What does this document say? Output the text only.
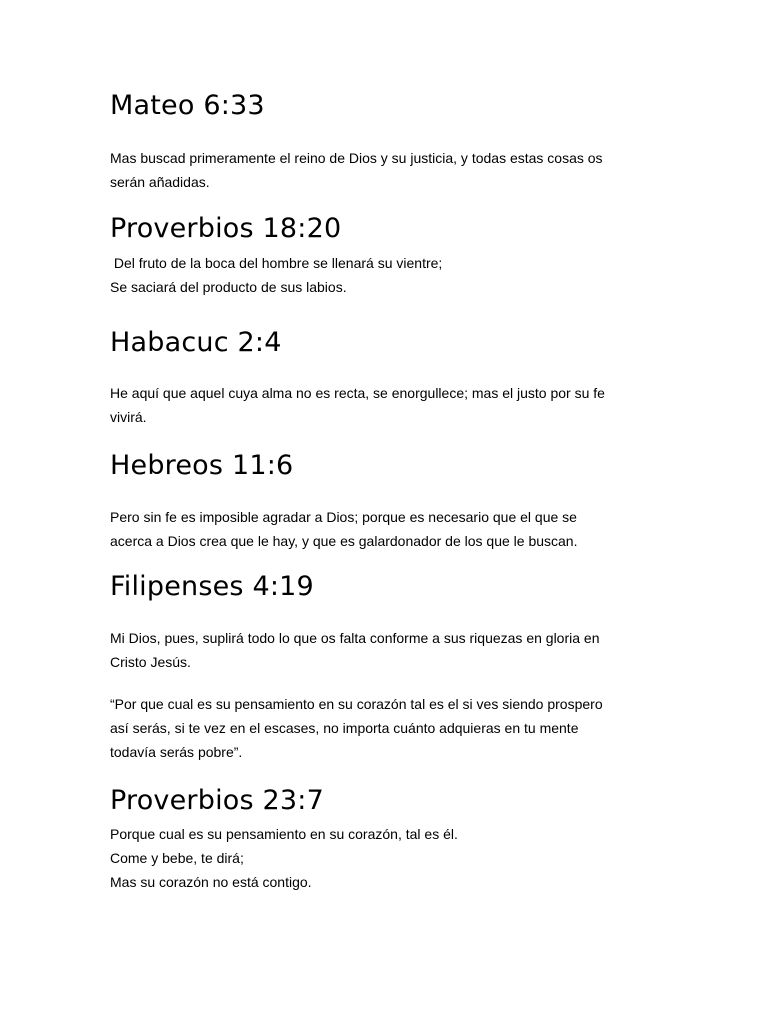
Mateo 6:33

Mas buscad primeramente el reino de Dios y su justicia, y todas estas cosas os
serán añadidas.

Proverbios 18:20

Del fruto de la boca del hombre se llenará su vientre;
Se saciará del producto de sus labios.

Habacuc 2:4

He aquí que aquel cuya alma no es recta, se enorgullece; mas el justo por su fe
vivirá.

Hebreos 11:6

Pero sin fe es imposible agradar a Dios; porque es necesario que el que se
acerca a Dios crea que le hay, y que es galardonador de los que le buscan.

Filipenses 4:19

Mi Dios, pues, suplirá todo lo que os falta conforme a sus riquezas en gloria en
Cristo Jesús.

“Por que cual es su pensamiento en su corazón tal es el si ves siendo prospero
así serás, si te vez en el escases, no importa cuánto adquieras en tu mente
todavía serás pobre”.

Proverbios 23:7

Porque cual es su pensamiento en su corazón, tal es él.
Come y bebe, te dirá;
Mas su corazón no está contigo.
